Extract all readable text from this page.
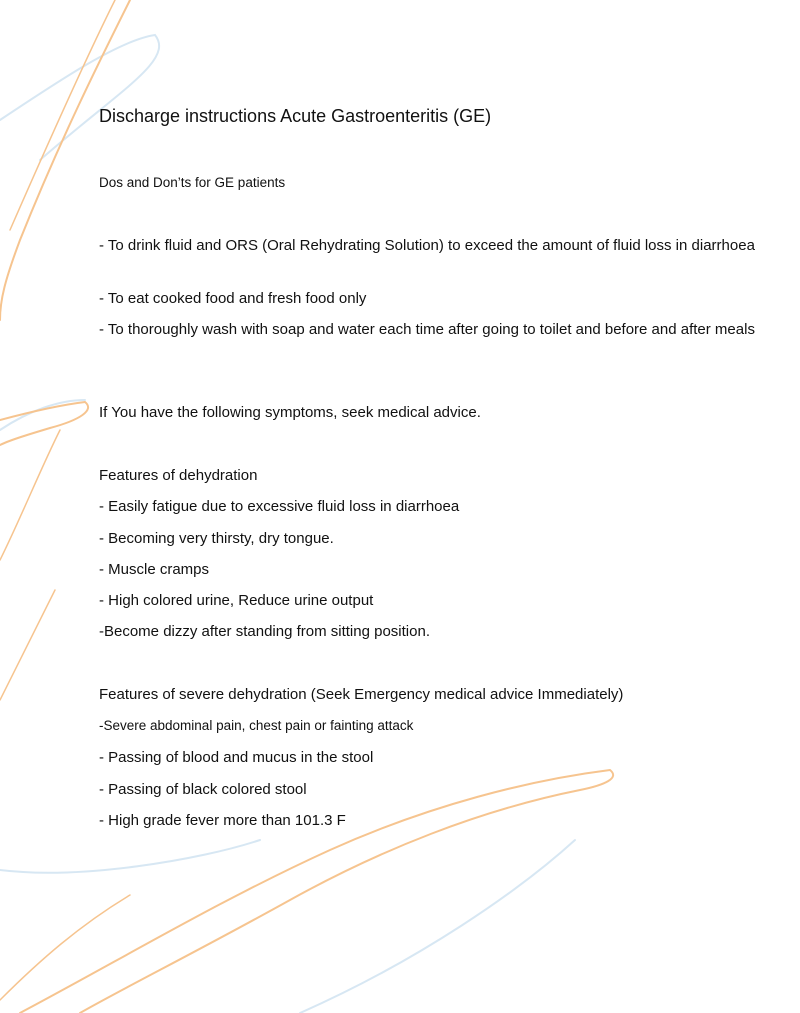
Discharge instructions Acute Gastroenteritis (GE)
Dos and Don’ts for GE patients
- To drink fluid and ORS (Oral Rehydrating Solution) to exceed the amount of fluid loss in diarrhoea
- To eat cooked food and fresh food only
- To thoroughly wash with soap and water each time after going to toilet and before and after meals
If You have the following symptoms, seek medical advice.
Features of dehydration
- Easily fatigue due to excessive fluid loss in diarrhoea
- Becoming very thirsty, dry tongue.
- Muscle cramps
- High colored urine, Reduce urine output
-Become dizzy after standing from sitting position.
Features of severe dehydration (Seek Emergency medical advice Immediately)
-Severe abdominal pain, chest pain or fainting attack
- Passing of blood and mucus in the stool
- Passing of black colored stool
- High grade fever more than 101.3 F
